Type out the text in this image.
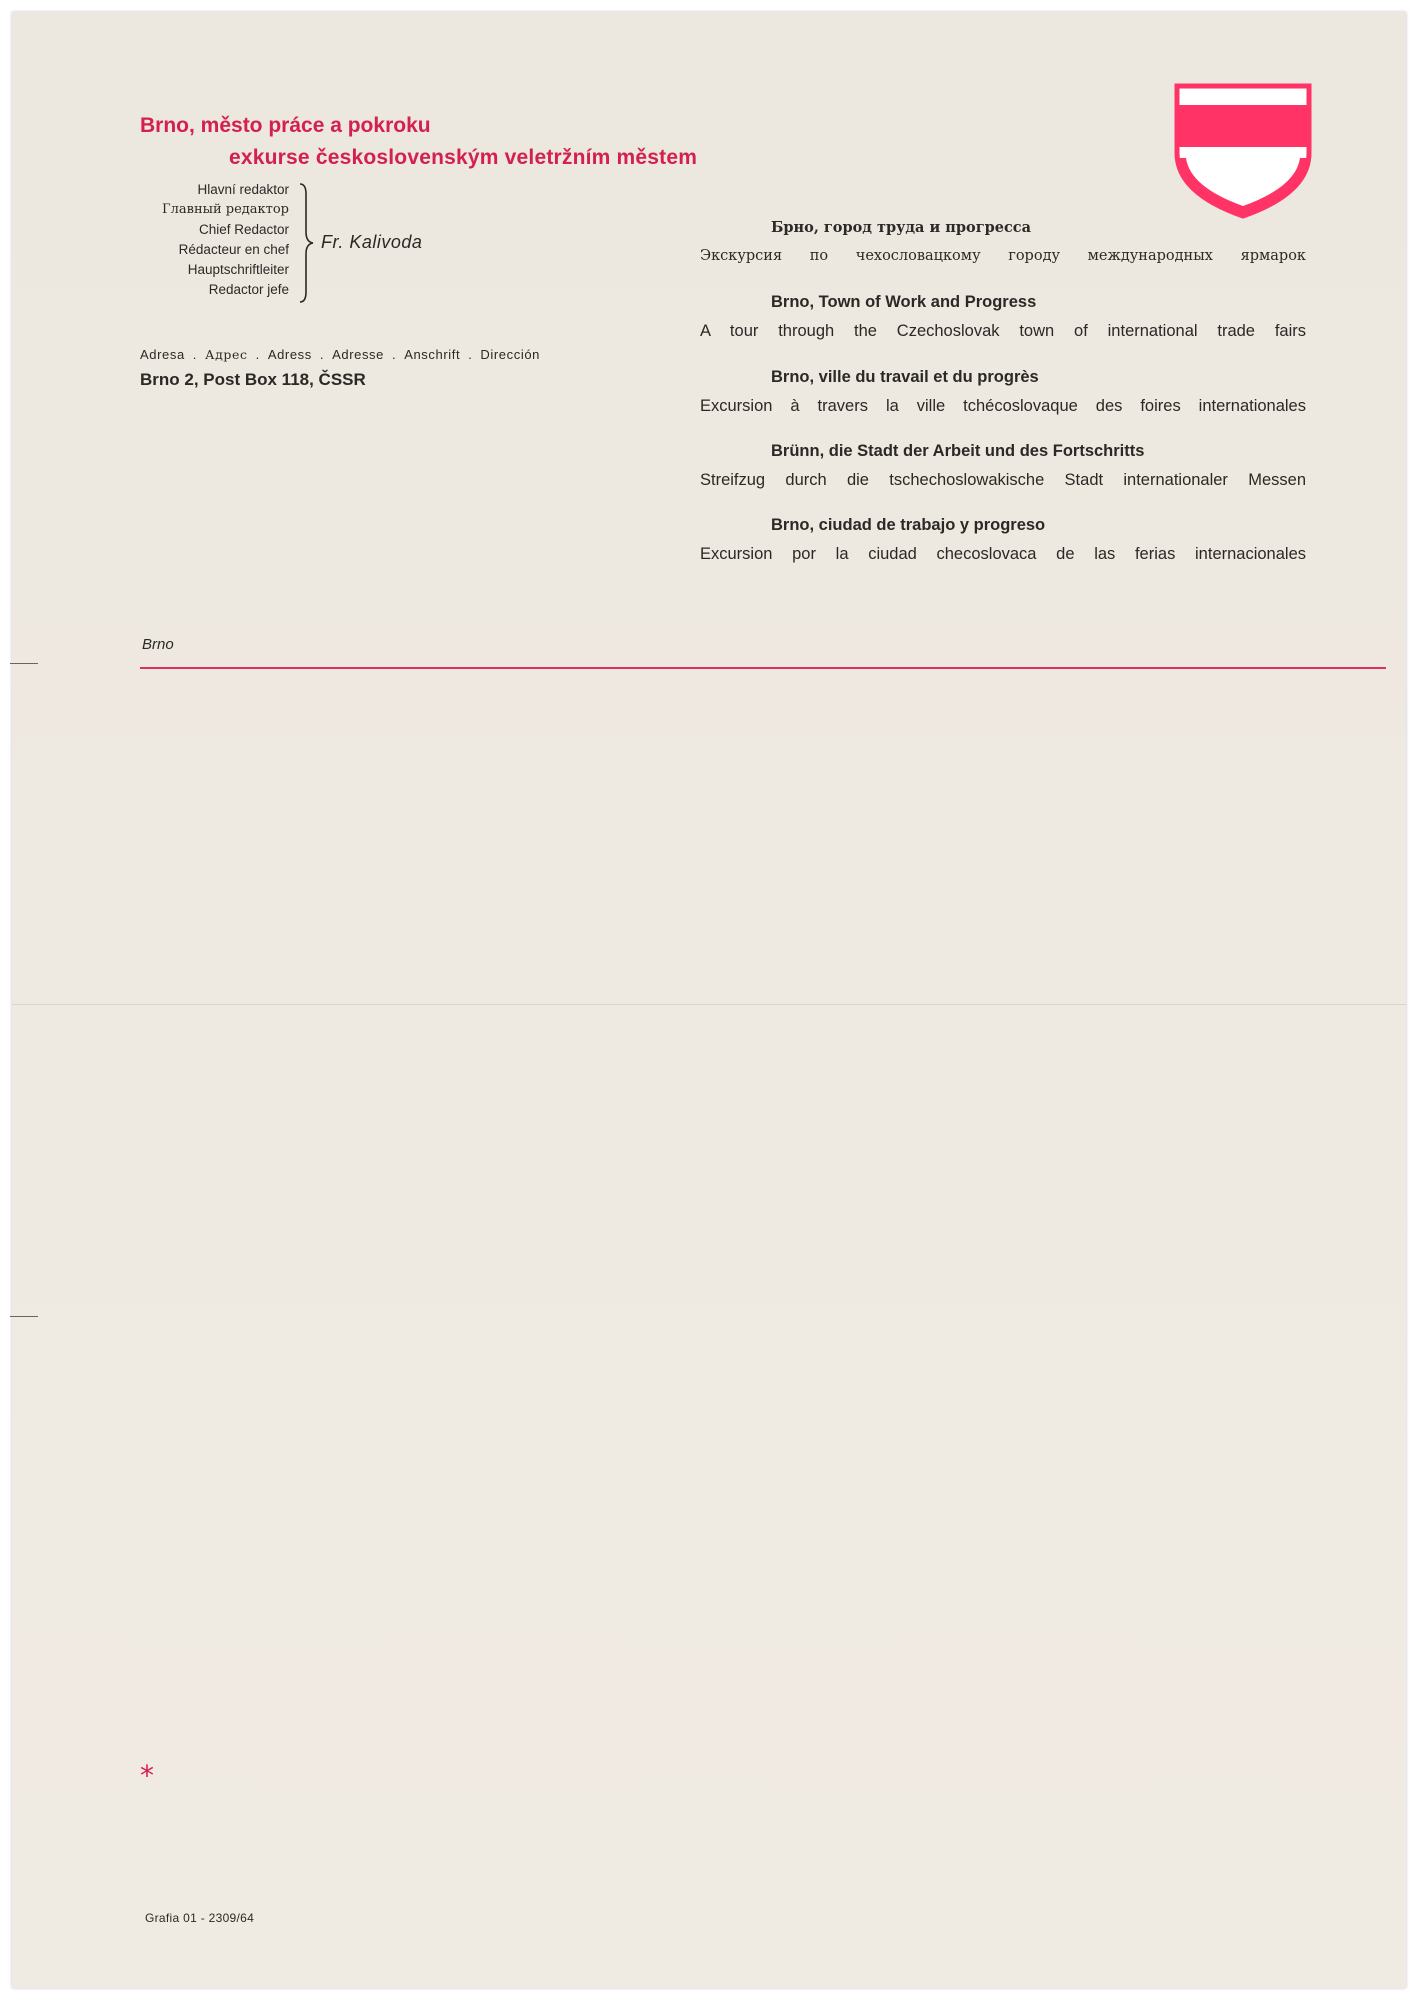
Brno, město práce a pokroku
exkurse československým veletržním městem
Hlavní redaktor
Главный редактор
Chief Redactor
Rédacteur en chef
Hauptschriftleiter
Redactor jefe
Fr. Kalivoda
Adresa . Адрес . Adress . Adresse . Anschrift . Dirección
Brno 2, Post Box 118, ČSSR
Брно, город труда и прогресса
Экскурсия по чехословацкому городу международных ярмарок
Brno, Town of Work and Progress
A tour through the Czechoslovak town of international trade fairs
Brno, ville du travail et du progrès
Excursion à travers la ville tchécoslovaque des foires internationales
Brünn, die Stadt der Arbeit und des Fortschritts
Streifzug durch die tschechoslowakische Stadt internationaler Messen
Brno, ciudad de trabajo y progreso
Excursion por la ciudad checoslovaca de las ferias internacionales
Brno
*
Grafia 01 - 2309/64
